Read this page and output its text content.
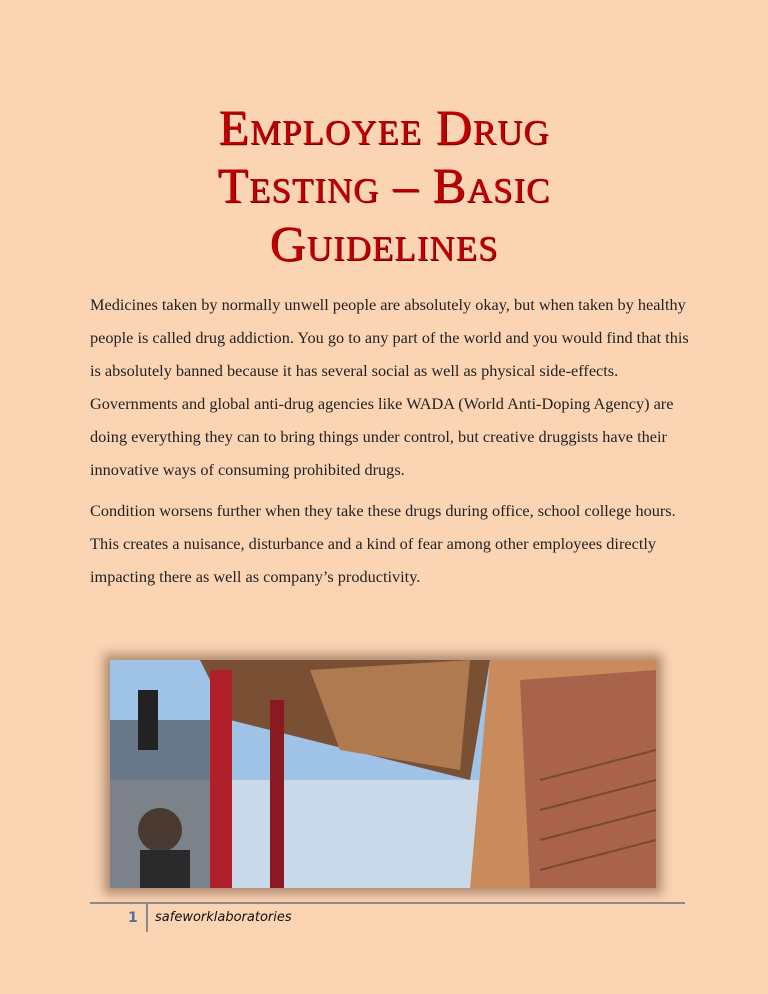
Employee Drug Testing – Basic Guidelines

Medicines taken by normally unwell people are absolutely okay, but when taken by healthy people is called drug addiction. You go to any part of the world and you would find that this is absolutely banned because it has several social as well as physical side-effects. Governments and global anti-drug agencies like WADA (World Anti-Doping Agency) are doing everything they can to bring things under control, but creative druggists have their innovative ways of consuming prohibited drugs.

Condition worsens further when they take these drugs during office, school college hours. This creates a nuisance, disturbance and a kind of fear among other employees directly impacting there as well as company’s productivity.

1 safeworklaboratories
